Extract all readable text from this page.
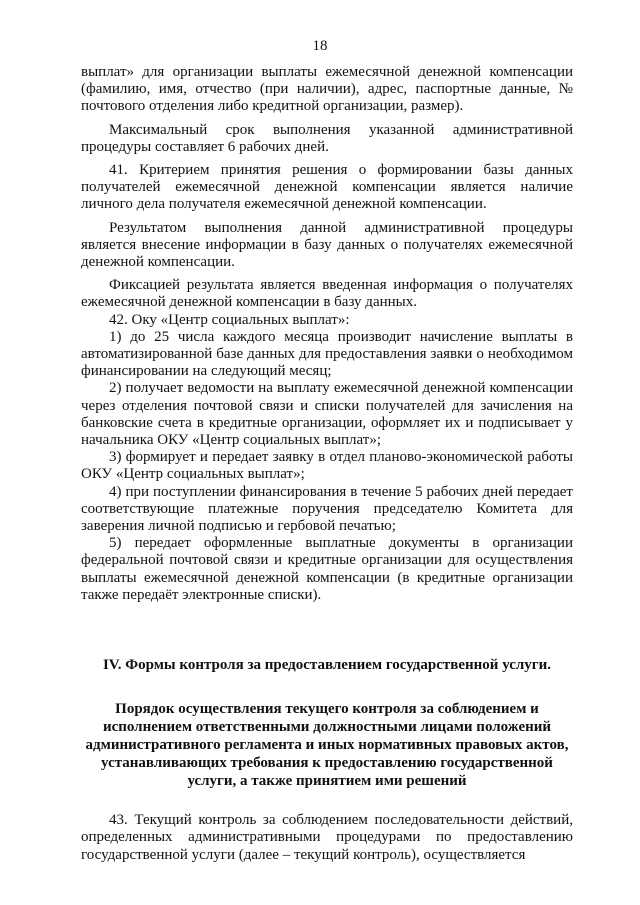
18

выплат» для организации выплаты ежемесячной денежной компенсации (фамилию, имя, отчество (при наличии), адрес, паспортные данные, № почтового отделения либо кредитной организации, размер).

Максимальный срок выполнения указанной административной процедуры составляет 6 рабочих дней.

41. Критерием принятия решения о формировании базы данных получателей ежемесячной денежной компенсации является наличие личного дела получателя ежемесячной денежной компенсации.

Результатом выполнения данной административной процедуры является внесение информации в базу данных о получателях ежемесячной денежной компенсации.

Фиксацией результата является введенная информация о получателях ежемесячной денежной компенсации в базу данных.

42. Оку «Центр социальных выплат»:

1) до 25 числа каждого месяца производит начисление выплаты в автоматизированной базе данных для предоставления заявки о необходимом финансировании на следующий месяц;

2) получает ведомости на выплату ежемесячной денежной компенсации через отделения почтовой связи и списки получателей для зачисления на банковские счета в кредитные организации, оформляет их и подписывает у начальника ОКУ «Центр социальных выплат»;

3) формирует и передает заявку в отдел планово-экономической работы ОКУ «Центр социальных выплат»;

4) при поступлении финансирования в течение 5 рабочих дней передает соответствующие платежные поручения председателю Комитета для заверения личной подписью и гербовой печатью;

5) передает оформленные выплатные документы в организации федеральной почтовой связи и кредитные организации для осуществления выплаты ежемесячной денежной компенсации (в кредитные организации также передаёт электронные списки).

IV. Формы контроля за предоставлением государственной услуги.

Порядок осуществления текущего контроля за соблюдением и исполнением ответственными должностными лицами положений административного регламента и иных нормативных правовых актов, устанавливающих требования к предоставлению государственной услуги, а также принятием ими решений

43. Текущий контроль за соблюдением последовательности действий, определенных административными процедурами по предоставлению государственной услуги (далее – текущий контроль), осуществляется
